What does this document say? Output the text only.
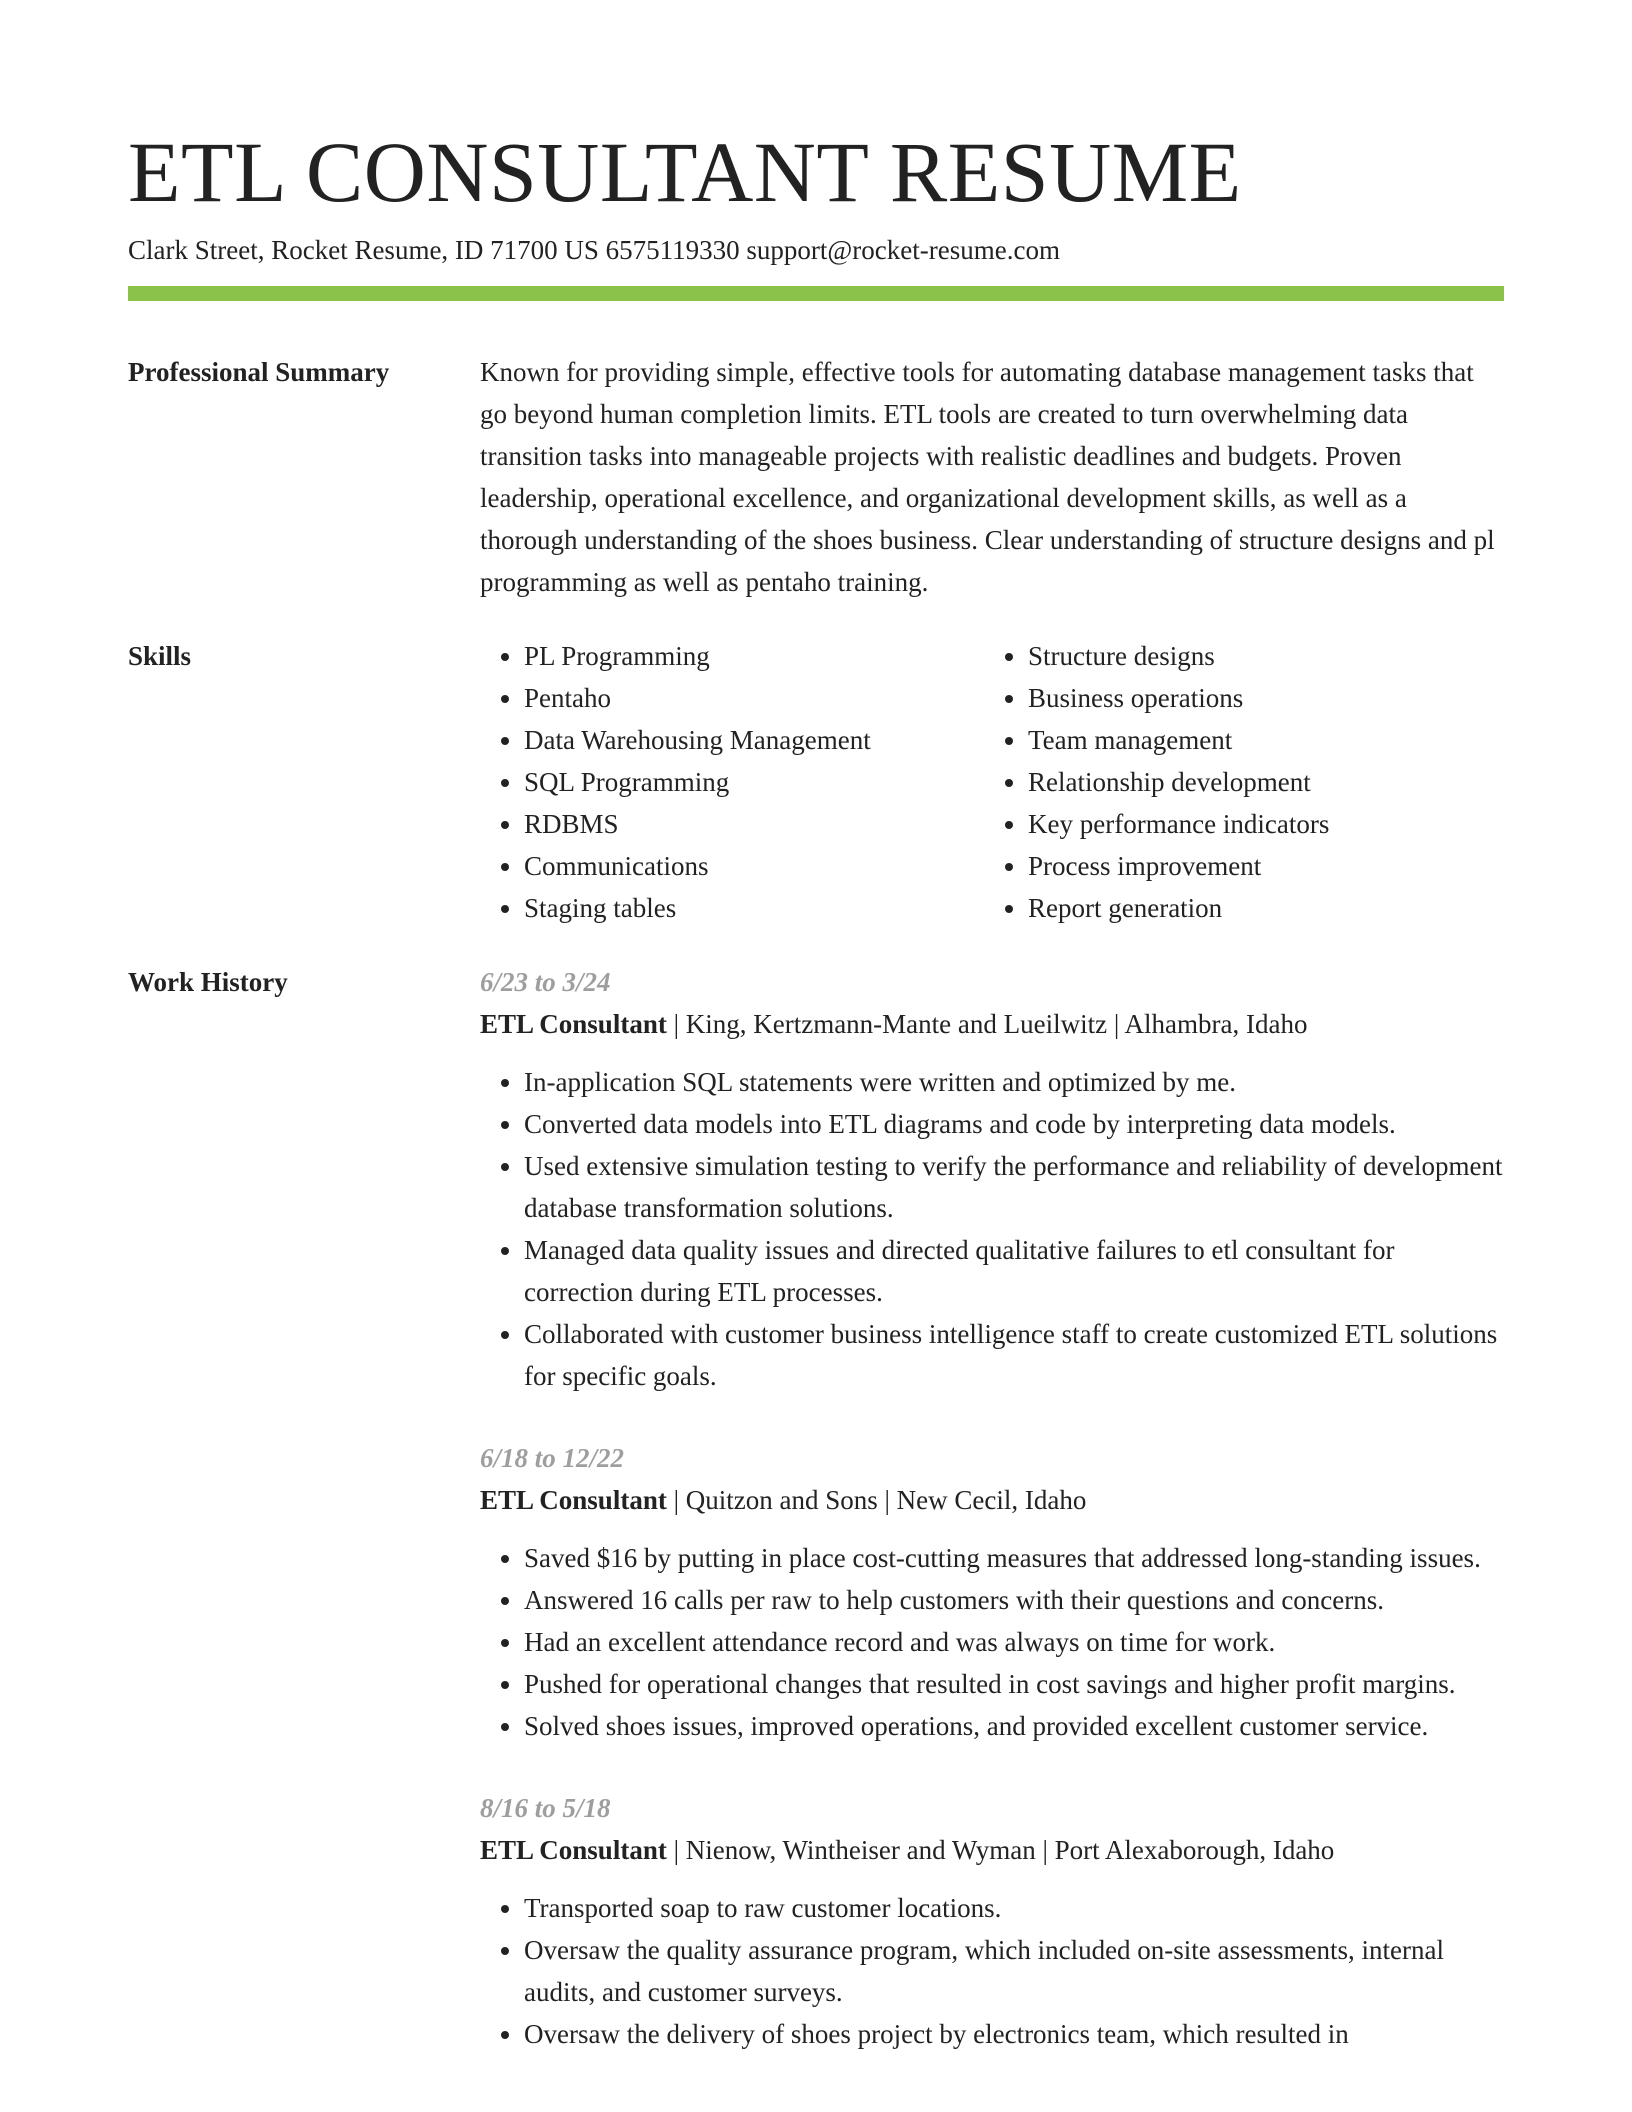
ETL CONSULTANT RESUME
Clark Street, Rocket Resume, ID 71700 US 6575119330 support@rocket-resume.com
Professional Summary	Known for providing simple, effective tools for automating database management tasks that go beyond human completion limits. ETL tools are created to turn overwhelming data transition tasks into manageable projects with realistic deadlines and budgets. Proven leadership, operational excellence, and organizational development skills, as well as a thorough understanding of the shoes business. Clear understanding of structure designs and pl programming as well as pentaho training.

Skills
•	PL Programming
• Pentaho
• Data Warehousing Management
• SQL Programming
• RDBMS
• Communications
• Staging tables
• Structure designs
• Business operations
• Team management
• Relationship development
• Key performance indicators
• Process improvement
• Report generation
Work History	6/23 to 3/24
ETL Consultant | King, Kertzmann-Mante and Lueilwitz | Alhambra, Idaho
• In-application SQL statements were written and optimized by me.
• Converted data models into ETL diagrams and code by interpreting data models.
• Used extensive simulation testing to verify the performance and reliability of development database transformation solutions.
• Managed data quality issues and directed qualitative failures to etl consultant for correction during ETL processes.
• Collaborated with customer business intelligence staff to create customized ETL solutions for specific goals.
6/18 to 12/22
ETL Consultant | Quitzon and Sons | New Cecil, Idaho
• Saved $16 by putting in place cost-cutting measures that addressed long-standing issues.
• Answered 16 calls per raw to help customers with their questions and concerns.
• Had an excellent attendance record and was always on time for work.
• Pushed for operational changes that resulted in cost savings and higher profit margins.
• Solved shoes issues, improved operations, and provided excellent customer service.
8/16 to 5/18
ETL Consultant | Nienow, Wintheiser and Wyman | Port Alexaborough, Idaho
• Transported soap to raw customer locations.
• Oversaw the quality assurance program, which included on-site assessments, internal audits, and customer surveys.
• Oversaw the delivery of shoes project by electronics team, which resulted in
